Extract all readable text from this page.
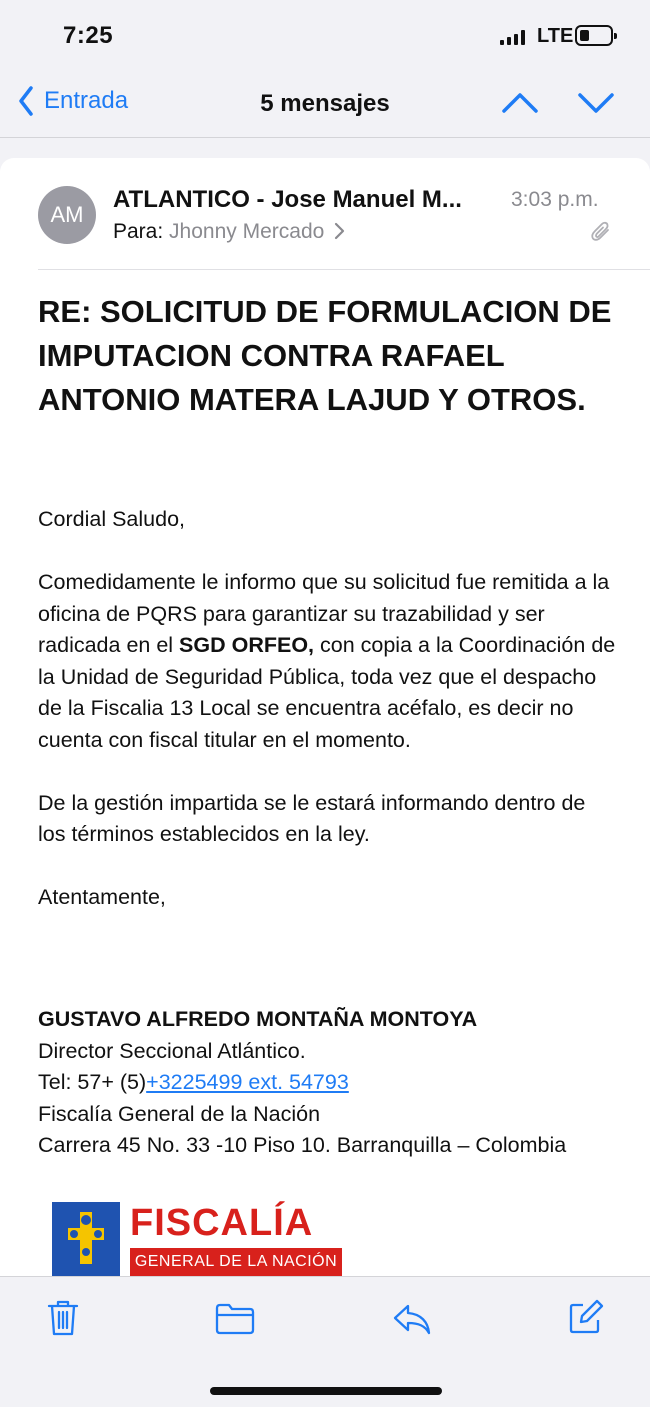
7:25	LTE
Entrada	5 mensajes
AM
ATLANTICO - Jose Manuel M... 3:03 p.m.
Para: Jhonny Mercado
RE: SOLICITUD DE FORMULACION DE IMPUTACION CONTRA RAFAEL ANTONIO MATERA LAJUD Y OTROS.

Cordial Saludo,

Comedidamente le informo que su solicitud fue remitida a la oficina de PQRS para garantizar su trazabilidad y ser radicada en el SGD ORFEO, con copia a la Coordinación de la Unidad de Seguridad Pública, toda vez que el despacho de la Fiscalia 13 Local se encuentra acéfalo, es decir no cuenta con fiscal titular en el momento.

De la gestión impartida se le estará informando dentro de los términos establecidos en la ley.

Atentamente,

GUSTAVO ALFREDO MONTAÑA MONTOYA
Director Seccional Atlántico.
Tel: 57+ (5)+3225499 ext. 54793
Fiscalía General de la Nación
Carrera 45 No. 33 -10 Piso 10. Barranquilla – Colombia
FISCALÍA
GENERAL DE LA NACIÓN
